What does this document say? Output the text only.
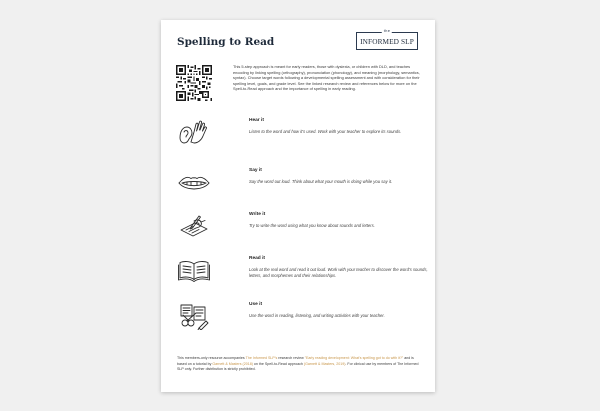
Spelling to Read
the
INFORMED SLP

This 5-step approach is meant for early readers, those with dyslexia, or children with DLD, and teaches encoding by linking spelling (orthography), pronunciation (phonology), and meaning (morphology, semantics, syntax). Choose target words following a developmental spelling assessment and with consideration for their spelling level, goals, and grade level. See the linked research review and references below for more on the Spell-to-Read approach and the importance of spelling in early reading.

Hear it

Listen to the word and how it's used. Work with your teacher to explore its sounds.

Say it

Say the word out loud. Think about what your mouth is doing while you say it.

Write it

Try to write the word using what you know about sounds and letters.

Read it

Look at the real word and read it out loud. Work with your teacher to discover the word's sounds, letters, and morphemes and their relationships.

Use it

Use the word in reading, listening, and writing activities with your teacher.

This members-only resource accompanies The Informed SLP's research review "Early reading development: What's spelling got to do with it?" and is based on a tutorial by Garnett & Masters (2018) on the Spell-to-Read approach (Garnett & Masters, 2019). For clinical use by members of The Informed SLP only. Further distribution is strictly prohibited.
